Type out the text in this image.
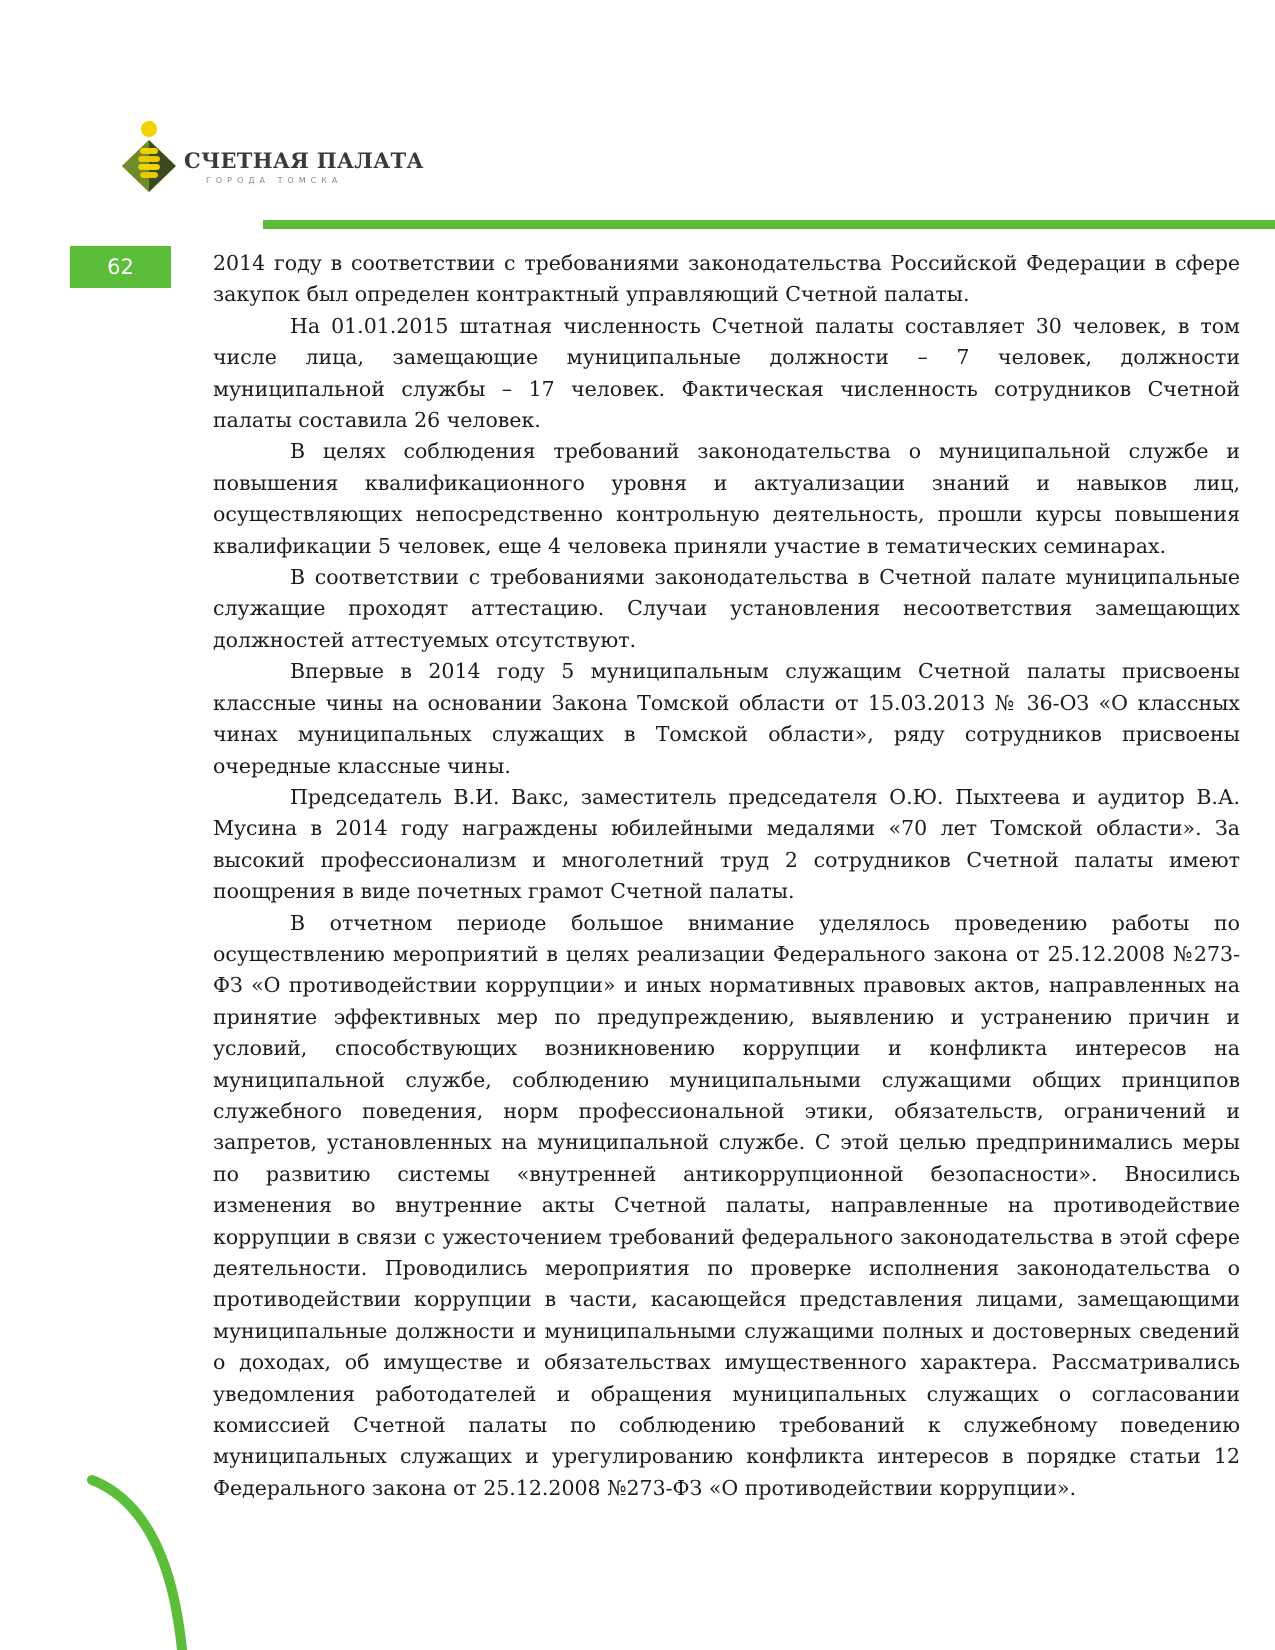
СЧЕТНАЯ ПАЛАТА
ГОРОДА ТОМСКА
62	2014 году в соответствии с требованиями законодательства Российской Федерации в сфере закупок был определен контрактный управляющий Счетной палаты.

На 01.01.2015 штатная численность Счетной палаты составляет 30 человек, в том числе лица, замещающие муниципальные должности – 7 человек, должности муниципальной службы – 17 человек. Фактическая численность сотрудников Счетной палаты составила 26 человек.

В целях соблюдения требований законодательства о муниципальной службе и повышения квалификационного уровня и актуализации знаний и навыков лиц, осуществляющих непосредственно контрольную деятельность, прошли курсы повышения квалификации 5 человек, еще 4 человека приняли участие в тематических семинарах.

В соответствии с требованиями законодательства в Счетной палате муниципальные служащие проходят аттестацию. Случаи установления несоответствия замещающих должностей аттестуемых отсутствуют.

Впервые в 2014 году 5 муниципальным служащим Счетной палаты присвоены классные чины на основании Закона Томской области от 15.03.2013 № 36-ОЗ «О классных чинах муниципальных служащих в Томской области», ряду сотрудников присвоены очередные классные чины.

Председатель В.И. Вакс, заместитель председателя О.Ю. Пыхтеева и аудитор В.А. Мусина в 2014 году награждены юбилейными медалями «70 лет Томской области». За высокий профессионализм и многолетний труд 2 сотрудников Счетной палаты имеют поощрения в виде почетных грамот Счетной палаты.

В отчетном периоде большое внимание уделялось проведению работы по осуществлению мероприятий в целях реализации Федерального закона от 25.12.2008 №273-ФЗ «О противодействии коррупции» и иных нормативных правовых актов, направленных на принятие эффективных мер по предупреждению, выявлению и устранению причин и условий, способствующих возникновению коррупции и конфликта интересов на муниципальной службе, соблюдению муниципальными служащими общих принципов служебного поведения, норм профессиональной этики, обязательств, ограничений и запретов, установленных на муниципальной службе. С этой целью предпринимались меры по развитию системы «внутренней антикоррупционной безопасности». Вносились изменения во внутренние акты Счетной палаты, направленные на противодействие коррупции в связи с ужесточением требований федерального законодательства в этой сфере деятельности. Проводились мероприятия по проверке исполнения законодательства о противодействии коррупции в части, касающейся представления лицами, замещающими муниципальные должности и муниципальными служащими полных и достоверных сведений о доходах, об имуществе и обязательствах имущественного характера. Рассматривались уведомления работодателей и обращения муниципальных служащих о согласовании комиссией Счетной палаты по соблюдению требований к служебному поведению муниципальных служащих и урегулированию конфликта интересов в порядке статьи 12 Федерального закона от 25.12.2008 №273-ФЗ «О противодействии коррупции».
